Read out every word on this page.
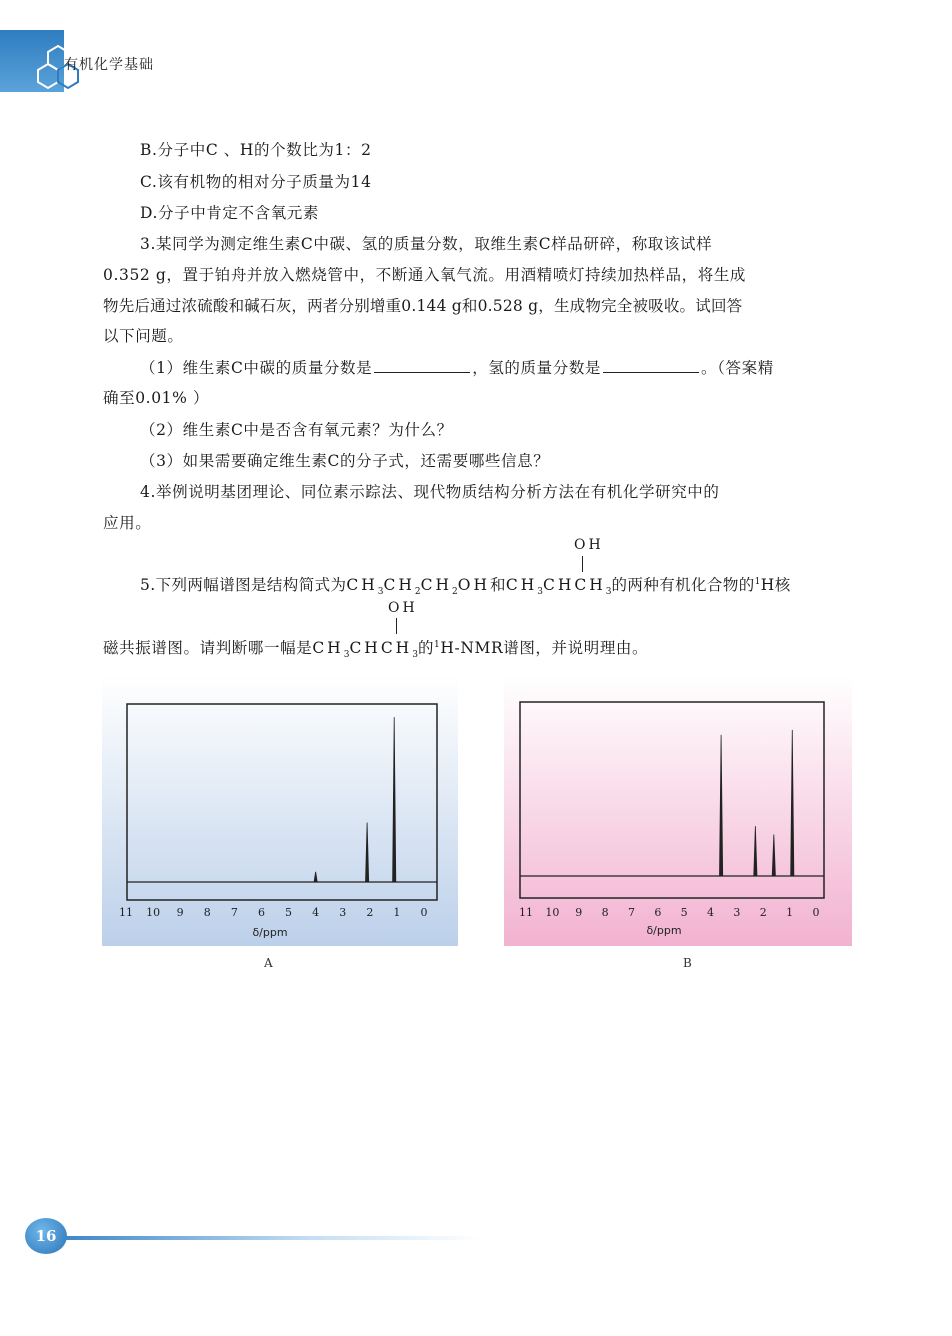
有机化学基础
B.分子中C 、H的个数比为1：2
C.该有机物的相对分子质量为14
D.分子中肯定不含氧元素
3.某同学为测定维生素C中碳、氢的质量分数，取维生素C样品研碎，称取该试样
0.352 g，置于铂舟并放入燃烧管中，不断通入氧气流。用酒精喷灯持续加热样品，将生成
物先后通过浓硫酸和碱石灰，两者分别增重0.144 g和0.528 g，生成物完全被吸收。试回答
以下问题。
（1）维生素C中碳的质量分数是	，氢的质量分数是	。（答案精
确至0.01% ）
（2）维生素C中是否含有氧元素？为什么？
（3）如果需要确定维生素C的分子式，还需要哪些信息？
4.举例说明基团理论、同位素示踪法、现代物质结构分析方法在有机化学研究中的
应用。
OH
5.下列两幅谱图是结构简式为$CH_3CH_2CH_2OH$和$CH_3CHCH_3$的两种有机化合物的$^1$H核
OH
磁共振谱图。请判断哪一幅是$CH_3CHCH_3$的$^1$H-NMR谱图，并说明理由。
11 10 9 8 7 6 5 4 3 2 1 0
δ/ppm
A
11 10 9 8 7 6 5 4 3 2 1 0
δ/ppm
B
16
